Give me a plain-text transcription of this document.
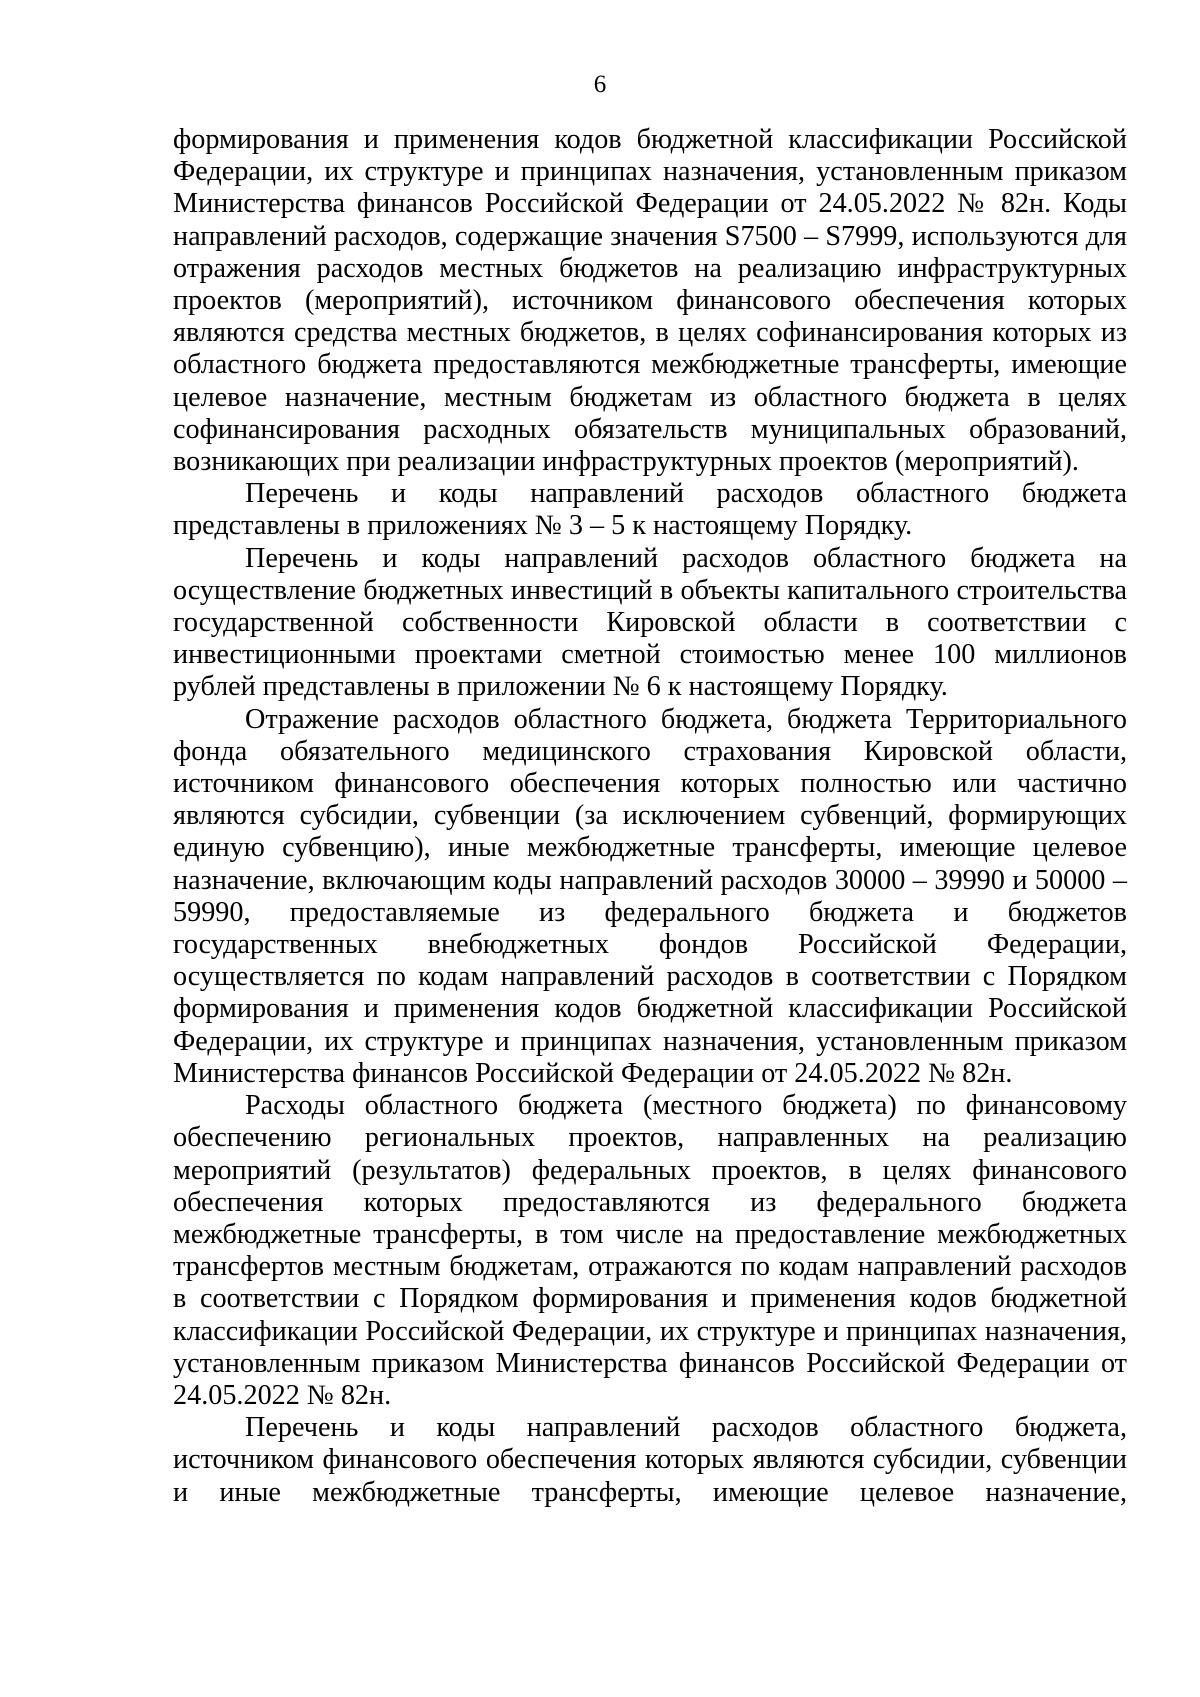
6

формирования и применения кодов бюджетной классификации Российской Федерации, их структуре и принципах назначения, установленным приказом Министерства финансов Российской Федерации от 24.05.2022 № 82н. Коды направлений расходов, содержащие значения S7500 – S7999, используются для отражения расходов местных бюджетов на реализацию инфраструктурных проектов (мероприятий), источником финансового обеспечения которых являются средства местных бюджетов, в целях софинансирования которых из областного бюджета предоставляются межбюджетные трансферты, имеющие целевое назначение, местным бюджетам из областного бюджета в целях софинансирования расходных обязательств муниципальных образований, возникающих при реализации инфраструктурных проектов (мероприятий).

Перечень и коды направлений расходов областного бюджета представлены в приложениях № 3 – 5 к настоящему Порядку.

Перечень и коды направлений расходов областного бюджета на осуществление бюджетных инвестиций в объекты капитального строительства государственной собственности Кировской области в соответствии с инвестиционными проектами сметной стоимостью менее 100 миллионов рублей представлены в приложении № 6 к настоящему Порядку.

Отражение расходов областного бюджета, бюджета Территориального фонда обязательного медицинского страхования Кировской области, источником финансового обеспечения которых полностью или частично являются субсидии, субвенции (за исключением субвенций, формирующих единую субвенцию), иные межбюджетные трансферты, имеющие целевое назначение, включающим коды направлений расходов 30000 – 39990 и 50000 – 59990, предоставляемые из федерального бюджета и бюджетов государственных внебюджетных фондов Российской Федерации, осуществляется по кодам направлений расходов в соответствии с Порядком формирования и применения кодов бюджетной классификации Российской Федерации, их структуре и принципах назначения, установленным приказом Министерства финансов Российской Федерации от 24.05.2022 № 82н.

Расходы областного бюджета (местного бюджета) по финансовому обеспечению региональных проектов, направленных на реализацию мероприятий (результатов) федеральных проектов, в целях финансового обеспечения которых предоставляются из федерального бюджета межбюджетные трансферты, в том числе на предоставление межбюджетных трансфертов местным бюджетам, отражаются по кодам направлений расходов в соответствии с Порядком формирования и применения кодов бюджетной классификации Российской Федерации, их структуре и принципах назначения, установленным приказом Министерства финансов Российской Федерации от 24.05.2022 № 82н.

Перечень и коды направлений расходов областного бюджета, источником финансового обеспечения которых являются субсидии, субвенции и иные межбюджетные трансферты, имеющие целевое назначение,
